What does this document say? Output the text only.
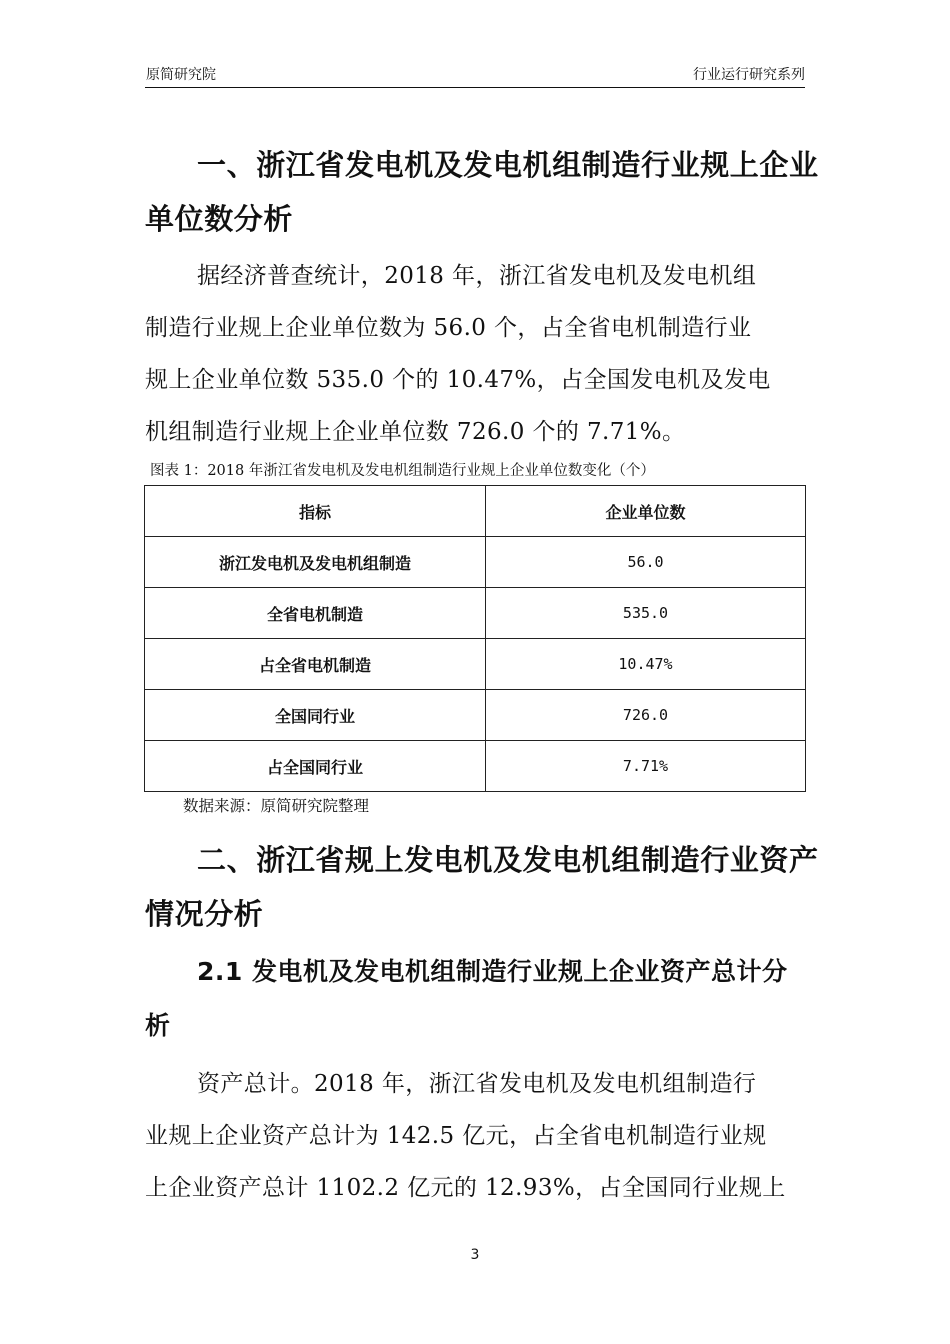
原简研究院	行业运行研究系列
一、浙江省发电机及发电机组制造行业规上企业
单位数分析
据经济普查统计，2018 年，浙江省发电机及发电机组
制造行业规上企业单位数为 56.0 个，占全省电机制造行业
规上企业单位数 535.0 个的 10.47%，占全国发电机及发电
机组制造行业规上企业单位数 726.0 个的 7.71%。
图表 1：2018 年浙江省发电机及发电机组制造行业规上企业单位数变化（个）
指标	企业单位数
浙江发电机及发电机组制造	56.0
全省电机制造	535.0
占全省电机制造	10.47%
全国同行业	726.0
占全国同行业	7.71%
数据来源：原简研究院整理
二、浙江省规上发电机及发电机组制造行业资产
情况分析
2.1 发电机及发电机组制造行业规上企业资产总计分
析
资产总计。2018 年，浙江省发电机及发电机组制造行
业规上企业资产总计为 142.5 亿元，占全省电机制造行业规
上企业资产总计 1102.2 亿元的 12.93%，占全国同行业规上
3
